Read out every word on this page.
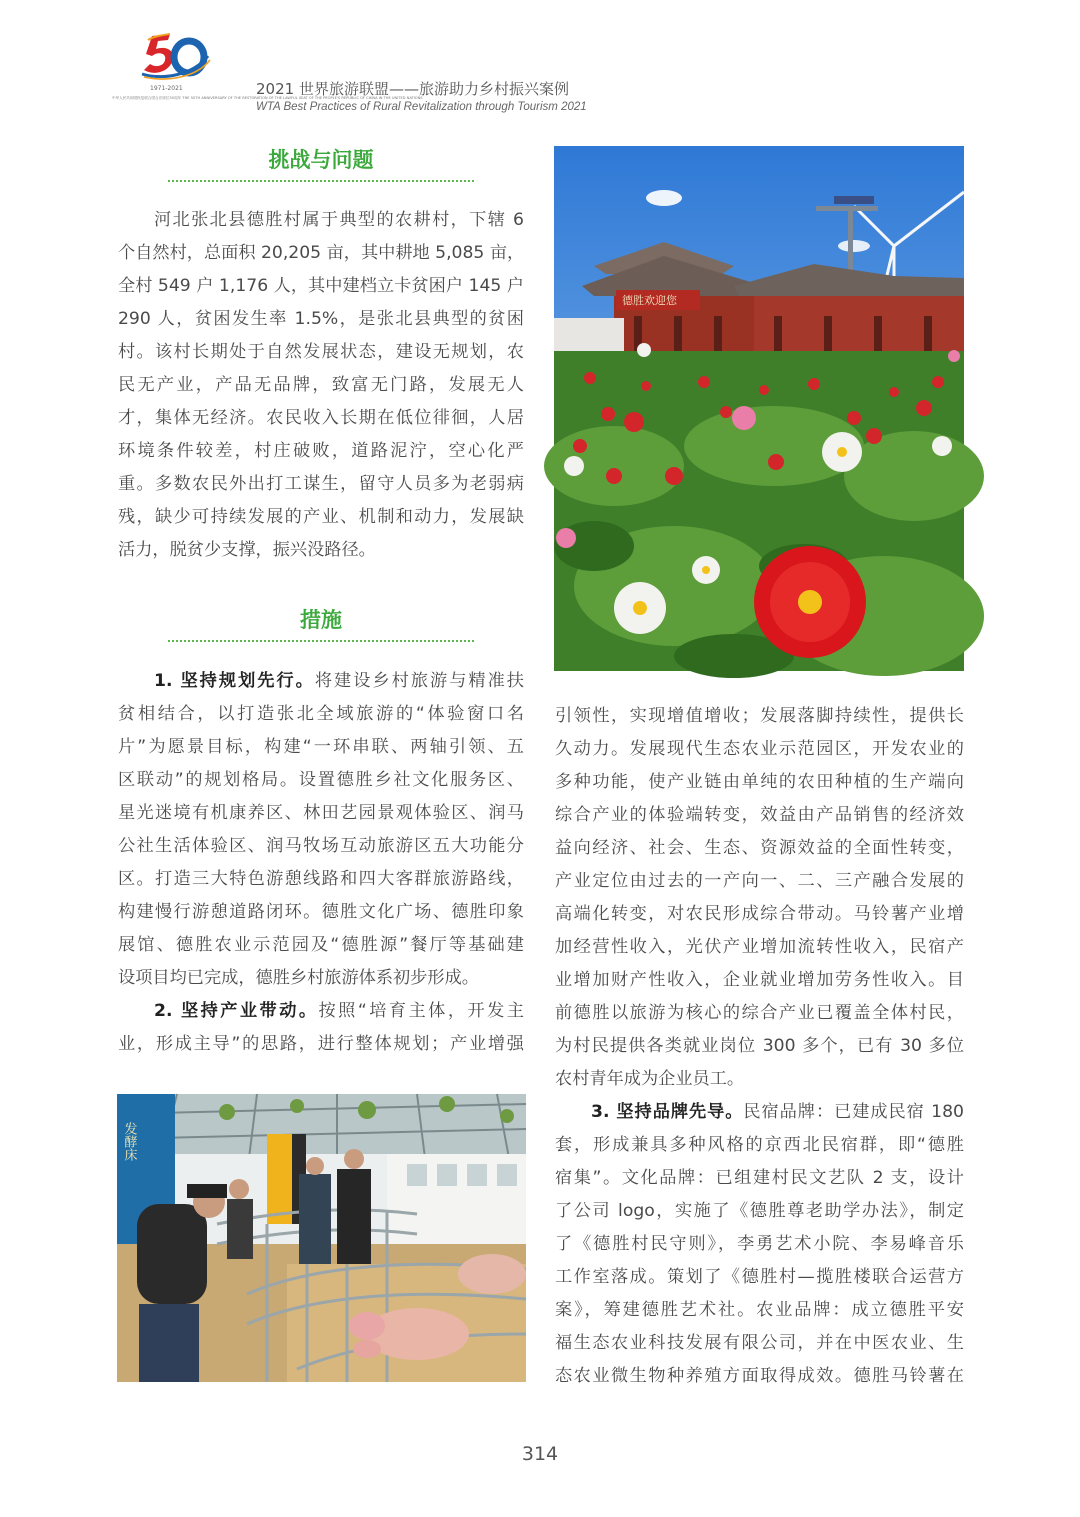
1971-2021
中华人民共和国恢复联合国合法席位50周年 THE 50TH ANNIVERSARY OF THE RESTORATION OF THE LAWFUL SEAT OF THE PEOPLE'S REPUBLIC OF CHINA IN THE UNITED NATIONS
2021 世界旅游联盟——旅游助力乡村振兴案例
WTA Best Practices of Rural Revitalization through Tourism 2021
挑战与问题
河北张北县德胜村属于典型的农耕村，下辖 6
个自然村，总面积 20,205 亩，其中耕地 5,085 亩，
全村 549 户 1,176 人，其中建档立卡贫困户 145 户
290 人，贫困发生率 1.5%，是张北县典型的贫困
村。该村长期处于自然发展状态，建设无规划，农
民无产业，产品无品牌，致富无门路，发展无人
才，集体无经济。农民收入长期在低位徘徊，人居
环境条件较差，村庄破败，道路泥泞，空心化严
重。多数农民外出打工谋生，留守人员多为老弱病
残，缺少可持续发展的产业、机制和动力，发展缺
活力，脱贫少支撑，振兴没路径。
措施
1. 坚持规划先行。将建设乡村旅游与精准扶
贫相结合，以打造张北全域旅游的“体验窗口名
片”为愿景目标，构建“一环串联、两轴引领、五
区联动”的规划格局。设置德胜乡社文化服务区、
星光迷境有机康养区、林田艺园景观体验区、润马
公社生活体验区、润马牧场互动旅游区五大功能分
区。打造三大特色游憩线路和四大客群旅游路线，
构建慢行游憩道路闭环。德胜文化广场、德胜印象
展馆、德胜农业示范园及“德胜源”餐厅等基础建
设项目均已完成，德胜乡村旅游体系初步形成。
2. 坚持产业带动。按照“培育主体，开发主
业，形成主导”的思路，进行整体规划；产业增强
发酵床
德胜欢迎您
引领性，实现增值增收；发展落脚持续性，提供长
久动力。发展现代生态农业示范园区，开发农业的
多种功能，使产业链由单纯的农田种植的生产端向
综合产业的体验端转变，效益由产品销售的经济效
益向经济、社会、生态、资源效益的全面性转变，
产业定位由过去的一产向一、二、三产融合发展的
高端化转变，对农民形成综合带动。马铃薯产业增
加经营性收入，光伏产业增加流转性收入，民宿产
业增加财产性收入，企业就业增加劳务性收入。目
前德胜以旅游为核心的综合产业已覆盖全体村民，
为村民提供各类就业岗位 300 多个，已有 30 多位
农村青年成为企业员工。
3. 坚持品牌先导。民宿品牌：已建成民宿 180
套，形成兼具多种风格的京西北民宿群，即“德胜
宿集”。文化品牌：已组建村民文艺队 2 支，设计
了公司 logo，实施了《德胜尊老助学办法》，制定
了《德胜村民守则》，李勇艺术小院、李易峰音乐
工作室落成。策划了《德胜村—揽胜楼联合运营方
案》，筹建德胜艺术社。农业品牌：成立德胜平安
福生态农业科技发展有限公司，并在中医农业、生
态农业微生物种养殖方面取得成效。德胜马铃薯在
314
